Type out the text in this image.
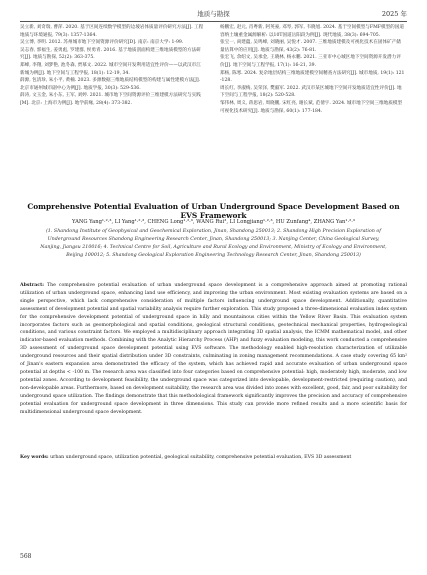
地质与勘探	2025 年
吴立新, 刘奇瑞, 曹萍. 2020. 基于区间连续数学模型的边坡岩体质量评价研究方法[J]. 工程地质与环境通报, 79(3): 1357-1364.
吴立博, 李明. 2012. 苏州城市地下空间资源评价研究[D]. 南京: 南京大学: 1-99.
吴志春, 郭福生, 姜勇彪, 罗建群, 侯勇青. 2016. 基于地质剖面构建三维地质模型的方法研究[J]. 地质与勘探, 52(2): 363-375.
郑峰, 李翔, 刘梦艳, 池冬森, 贾慕文. 2022. 城市空间开发利用适宜性评价——以武汉市江新城为例[J]. 地下空间与工程学报, 18(1): 12-19, 34.
薛源, 包清珍, 朱小平, 黄楠. 2023. 多源数据三维地质结构模型的构建与属性建模方法[J]. 北京市通州城市副中心为例[J]. 地质学报, 30(3): 529-536.
薛涛, 文玉金, 朱小东, 王军, 刘婷. 2021. 城市地下空间资源评价三维建模方法研究与实践[M]. 北京: 上海市为例[J]. 地学前缘, 28(4): 373-382.
杨鹏宏, 赵元, 肖粤新, 阿英豪, 邓琴, 郭军, 韦晓旭. 2024. 基于空间模型与FMF模型的国道容纳土壤重金属源解析: 以10T国道岳阳段为例[J]. 现代地质, 38(3): 694-705.
张宝一, 尚建蕴, 吴鸣峰, 刘晓丽, 吴悦才. 2007. 三维地质建模及可视化技术在固体矿产储量估算中的应用[J]. 地质与勘探, 43(2): 76-81.
张宏飞, 余绍文, 吴承金, 王晓林, 杨永鹏. 2021. 三亚市中心城区地下空间资源开发潜力评价[J]. 地下空间与工程学报, 17(1): 16-21, 39.
郑杨, 陈寒. 2024. 复杂地层结构三维地质建模空间精查方法研究[J]. 城市地质, 19(1): 121-128.
周长红, 李淑梅, 吴荣泽, 樊毅军. 2022. 武汉市某区城地下空间开发地质适宜性评价[J]. 地下空间与工程学报, 18(2): 520-528.
邹伟林, 周义, 蒋思岩, 周晓鹏, 宋红亮, 谢长斌, 范倩宇. 2024. 城市地下空间三维地质模型可视化技术研究[J]. 地质与勘探, 60(1): 177-184.
Comprehensive Potential Evaluation of Urban Underground Space Development Based on EVS Framework
YANG Yang¹·²·³, LI Yang¹·²·³, CHENG Long¹·²·³, WANG Rui³, LI Longjiang¹·²·³, HU Zunfang⁴, ZHANG Yan¹·²·³
(1. Shandong Institute of Geophysical and Geochemical Exploration, Jinan, Shandong 250013; 2. Shandong High Precision Exploration of Underground Resources Shandong Engineering Research Center, Jinan, Shandong 250013; 3. Nanjing Center, China Geological Survey, Nanjing, Jiangsu 210016; 4. Technical Centre for Soil, Agriculture and Rural Ecology and Environment, Ministry of Ecology and Environment, Beijing 100012; 5. Shandong Geological Exploration Engineering Technology Research Center, Jinan, Shandong 250013)
Abstract: The comprehensive potential evaluation of urban underground space development is a comprehensive approach aimed at promoting rational utilization of urban underground space, enhancing land use efficiency, and improving the urban environment. Most existing evaluation systems are based on a single perspective, which lack comprehensive consideration of multiple factors influencing underground space development. Additionally, quantitative assessment of development potential and spatial variability analysis require further exploration. This study proposed a three-dimensional evaluation index system for the comprehensive development potential of underground space in hilly and mountainous cities within the Yellow River Basin. This evaluation system incorporates factors such as geomorphological and spatial conditions, geological structural conditions, geotechnical mechanical properties, hydrogeological conditions, and various constraint factors. We employed a multidisciplinary approach integrating 3D spatial analysis, the ICMM mathematical model, and other indicator-based evaluation methods. Combining with the Analytic Hierarchy Process (AHP) and fuzzy evaluation modeling, this work conducted a comprehensive 3D assessment of underground space development potential using EVS software. The methodology enabled high-resolution characterization of utilizable underground resources and their spatial distribution under 3D constraints, culminating in zoning management recommendations. A case study covering 65 km² of Jinan's eastern expansion area demonstrated the efficacy of the system, which has achieved rapid and accurate evaluation of urban underground space potential at depths < -100 m. The research area was classified into four categories based on comprehensive potential: high, moderately high, moderate, and low potential zones. According to development feasibility, the underground space was categorized into developable, development-restricted (requiring caution), and non-developable areas. Furthermore, based on development suitability, the research area was divided into zones with excellent, good, fair, and poor suitability for underground space utilization. The findings demonstrate that this methodological framework significantly improves the precision and accuracy of comprehensive potential evaluation for underground space development in three dimensions. This study can provide more refined results and a more scientific basis for multidimensional underground space development.
Key words: urban underground space, utilization potential, geological suitability, comprehensive potential evaluation, EVS 3D assessment
568
